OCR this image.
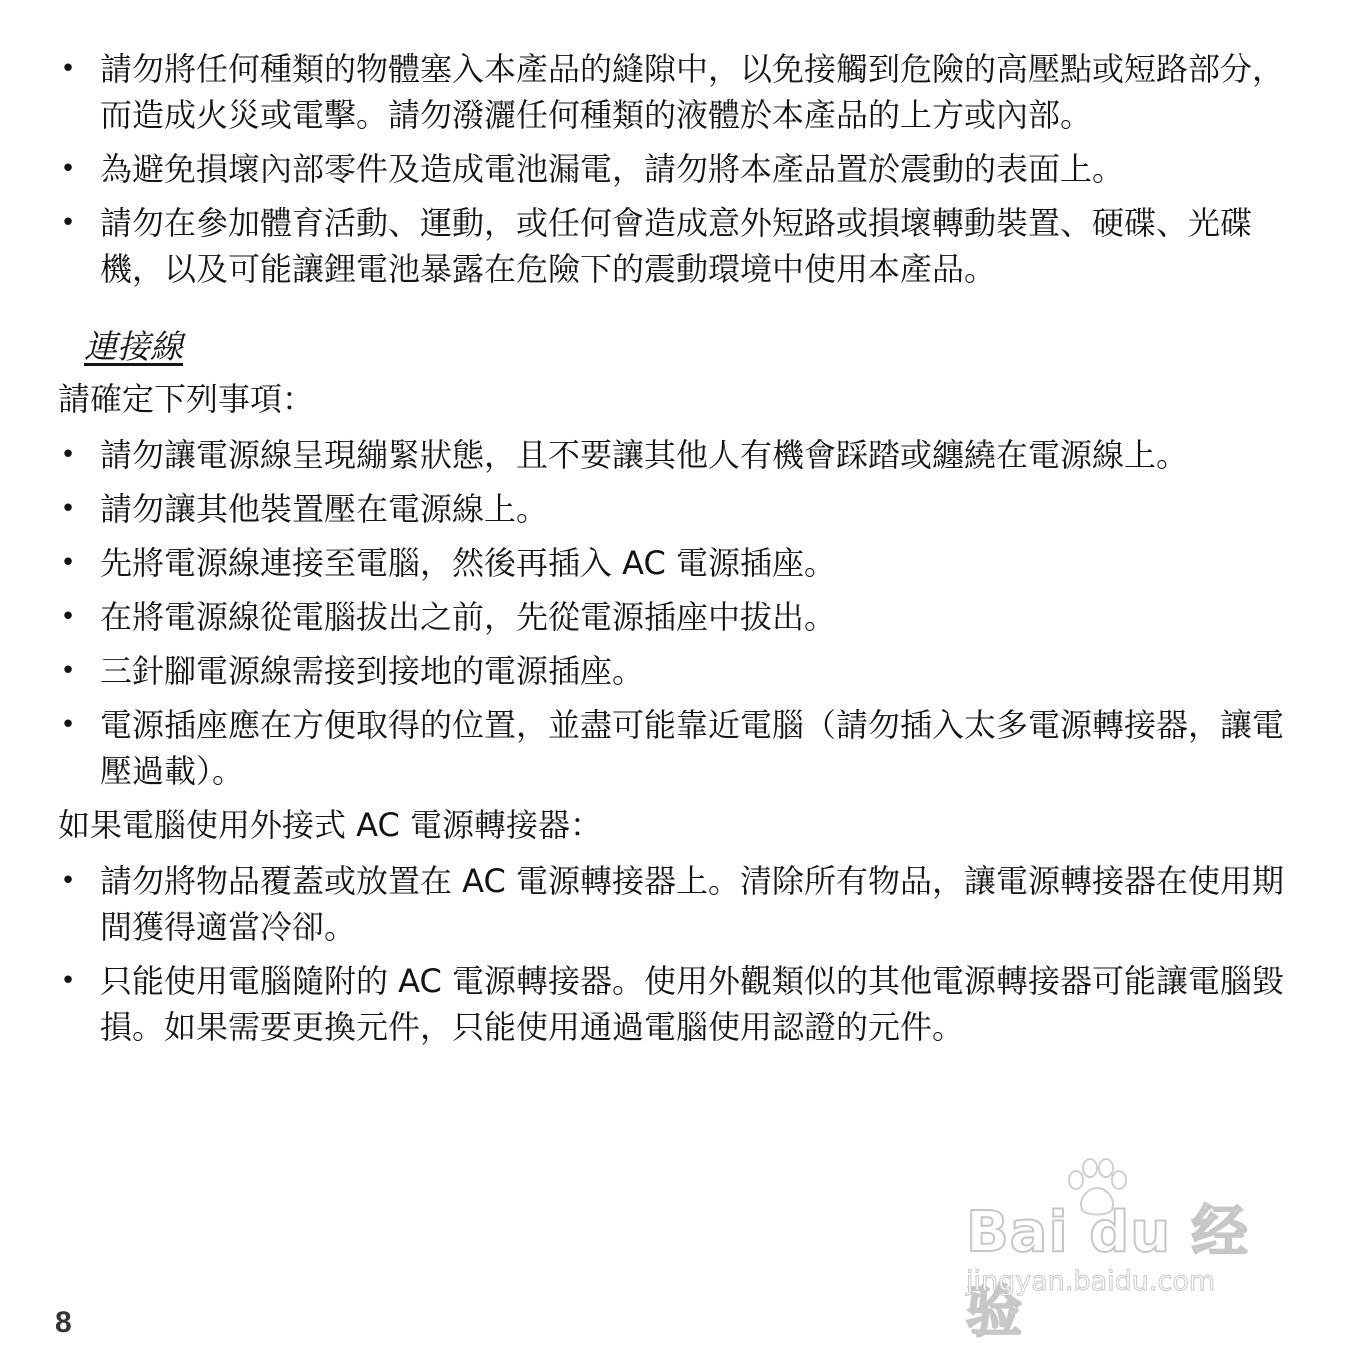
• 請勿將任何種類的物體塞入本產品的縫隙中，以免接觸到危險的高壓點或短路部分，而造成火災或電擊。請勿潑灑任何種類的液體於本產品的上方或內部。
• 為避免損壞內部零件及造成電池漏電，請勿將本產品置於震動的表面上。
• 請勿在參加體育活動、運動，或任何會造成意外短路或損壞轉動裝置、硬碟、光碟機，以及可能讓鋰電池暴露在危險下的震動環境中使用本產品。
連接線
請確定下列事項：
• 請勿讓電源線呈現繃緊狀態，且不要讓其他人有機會踩踏或纏繞在電源線上。
• 請勿讓其他裝置壓在電源線上。
• 先將電源線連接至電腦，然後再插入 AC 電源插座。
• 在將電源線從電腦拔出之前，先從電源插座中拔出。
• 三針腳電源線需接到接地的電源插座。
• 電源插座應在方便取得的位置，並盡可能靠近電腦（請勿插入太多電源轉接器，讓電壓過載）。
如果電腦使用外接式 AC 電源轉接器：
• 請勿將物品覆蓋或放置在 AC 電源轉接器上。清除所有物品，讓電源轉接器在使用期間獲得適當冷卻。
• 只能使用電腦隨附的 AC 電源轉接器。使用外觀類似的其他電源轉接器可能讓電腦毀損。如果需要更換元件，只能使用通過電腦使用認證的元件。
Bai du 经验
jingyan.baidu.com
8
